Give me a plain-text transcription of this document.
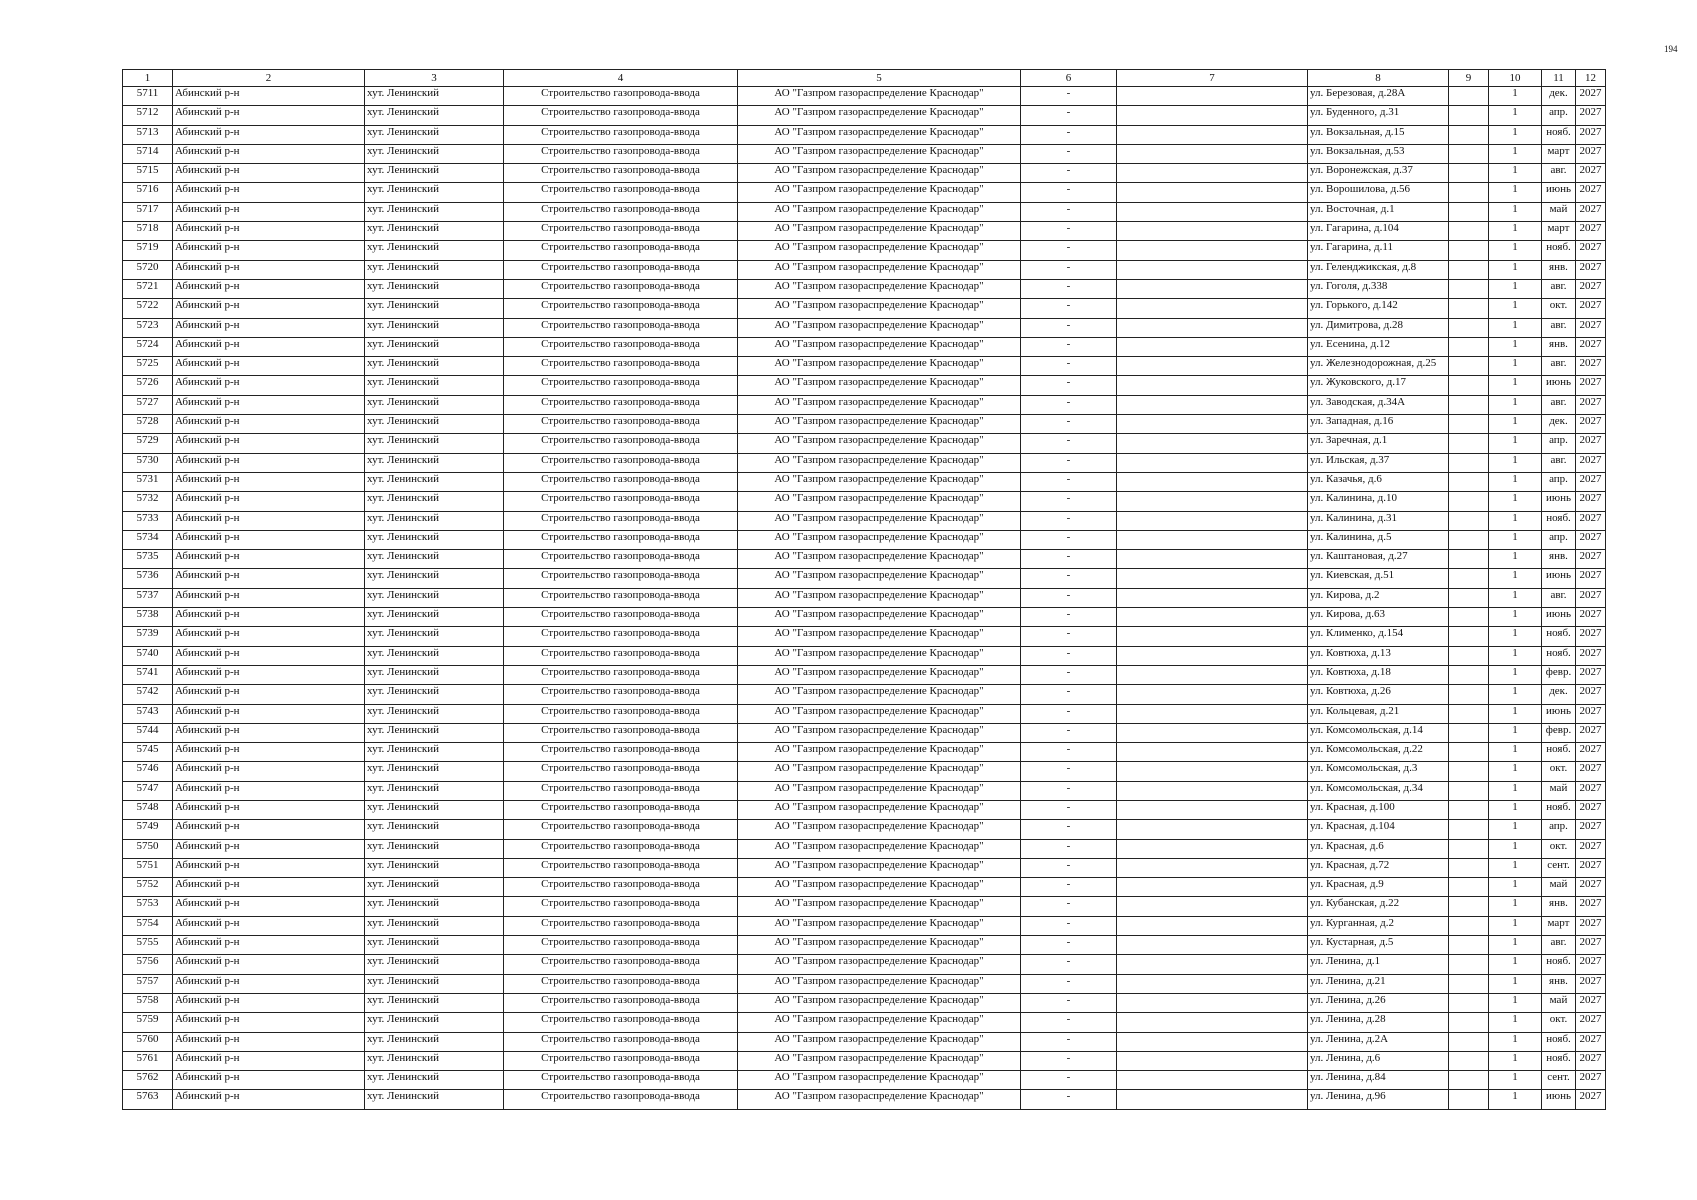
194
1	2	3	4	5	6	7	8	9	10	11	12
5711	Абинский р-н	хут. Ленинский	Строительство газопровода-ввода	АО "Газпром газораспределение Краснодар"	-		ул. Березовая, д.28А		1	дек.	2027
5712	Абинский р-н	хут. Ленинский	Строительство газопровода-ввода	АО "Газпром газораспределение Краснодар"	-		ул. Буденного, д.31		1	апр.	2027
5713	Абинский р-н	хут. Ленинский	Строительство газопровода-ввода	АО "Газпром газораспределение Краснодар"	-		ул. Вокзальная, д.15		1	нояб.	2027
5714	Абинский р-н	хут. Ленинский	Строительство газопровода-ввода	АО "Газпром газораспределение Краснодар"	-		ул. Вокзальная, д.53		1	март	2027
5715	Абинский р-н	хут. Ленинский	Строительство газопровода-ввода	АО "Газпром газораспределение Краснодар"	-		ул. Воронежская, д.37		1	авг.	2027
5716	Абинский р-н	хут. Ленинский	Строительство газопровода-ввода	АО "Газпром газораспределение Краснодар"	-		ул. Ворошилова, д.56		1	июнь	2027
5717	Абинский р-н	хут. Ленинский	Строительство газопровода-ввода	АО "Газпром газораспределение Краснодар"	-		ул. Восточная, д.1		1	май	2027
5718	Абинский р-н	хут. Ленинский	Строительство газопровода-ввода	АО "Газпром газораспределение Краснодар"	-		ул. Гагарина, д.104		1	март	2027
5719	Абинский р-н	хут. Ленинский	Строительство газопровода-ввода	АО "Газпром газораспределение Краснодар"	-		ул. Гагарина, д.11		1	нояб.	2027
5720	Абинский р-н	хут. Ленинский	Строительство газопровода-ввода	АО "Газпром газораспределение Краснодар"	-		ул. Геленджикская, д.8		1	янв.	2027
5721	Абинский р-н	хут. Ленинский	Строительство газопровода-ввода	АО "Газпром газораспределение Краснодар"	-		ул. Гоголя, д.338		1	авг.	2027
5722	Абинский р-н	хут. Ленинский	Строительство газопровода-ввода	АО "Газпром газораспределение Краснодар"	-		ул. Горького, д.142		1	окт.	2027
5723	Абинский р-н	хут. Ленинский	Строительство газопровода-ввода	АО "Газпром газораспределение Краснодар"	-		ул. Димитрова, д.28		1	авг.	2027
5724	Абинский р-н	хут. Ленинский	Строительство газопровода-ввода	АО "Газпром газораспределение Краснодар"	-		ул. Есенина, д.12		1	янв.	2027
5725	Абинский р-н	хут. Ленинский	Строительство газопровода-ввода	АО "Газпром газораспределение Краснодар"	-		ул. Железнодорожная, д.25		1	авг.	2027
5726	Абинский р-н	хут. Ленинский	Строительство газопровода-ввода	АО "Газпром газораспределение Краснодар"	-		ул. Жуковского, д.17		1	июнь	2027
5727	Абинский р-н	хут. Ленинский	Строительство газопровода-ввода	АО "Газпром газораспределение Краснодар"	-		ул. Заводская, д.34А		1	авг.	2027
5728	Абинский р-н	хут. Ленинский	Строительство газопровода-ввода	АО "Газпром газораспределение Краснодар"	-		ул. Западная, д.16		1	дек.	2027
5729	Абинский р-н	хут. Ленинский	Строительство газопровода-ввода	АО "Газпром газораспределение Краснодар"	-		ул. Заречная, д.1		1	апр.	2027
5730	Абинский р-н	хут. Ленинский	Строительство газопровода-ввода	АО "Газпром газораспределение Краснодар"	-		ул. Ильская, д.37		1	авг.	2027
5731	Абинский р-н	хут. Ленинский	Строительство газопровода-ввода	АО "Газпром газораспределение Краснодар"	-		ул. Казачья, д.6		1	апр.	2027
5732	Абинский р-н	хут. Ленинский	Строительство газопровода-ввода	АО "Газпром газораспределение Краснодар"	-		ул. Калинина, д.10		1	июнь	2027
5733	Абинский р-н	хут. Ленинский	Строительство газопровода-ввода	АО "Газпром газораспределение Краснодар"	-		ул. Калинина, д.31		1	нояб.	2027
5734	Абинский р-н	хут. Ленинский	Строительство газопровода-ввода	АО "Газпром газораспределение Краснодар"	-		ул. Калинина, д.5		1	апр.	2027
5735	Абинский р-н	хут. Ленинский	Строительство газопровода-ввода	АО "Газпром газораспределение Краснодар"	-		ул. Каштановая, д.27		1	янв.	2027
5736	Абинский р-н	хут. Ленинский	Строительство газопровода-ввода	АО "Газпром газораспределение Краснодар"	-		ул. Киевская, д.51		1	июнь	2027
5737	Абинский р-н	хут. Ленинский	Строительство газопровода-ввода	АО "Газпром газораспределение Краснодар"	-		ул. Кирова, д.2		1	авг.	2027
5738	Абинский р-н	хут. Ленинский	Строительство газопровода-ввода	АО "Газпром газораспределение Краснодар"	-		ул. Кирова, д.63		1	июнь	2027
5739	Абинский р-н	хут. Ленинский	Строительство газопровода-ввода	АО "Газпром газораспределение Краснодар"	-		ул. Клименко, д.154		1	нояб.	2027
5740	Абинский р-н	хут. Ленинский	Строительство газопровода-ввода	АО "Газпром газораспределение Краснодар"	-		ул. Ковтюха, д.13		1	нояб.	2027
5741	Абинский р-н	хут. Ленинский	Строительство газопровода-ввода	АО "Газпром газораспределение Краснодар"	-		ул. Ковтюха, д.18		1	февр.	2027
5742	Абинский р-н	хут. Ленинский	Строительство газопровода-ввода	АО "Газпром газораспределение Краснодар"	-		ул. Ковтюха, д.26		1	дек.	2027
5743	Абинский р-н	хут. Ленинский	Строительство газопровода-ввода	АО "Газпром газораспределение Краснодар"	-		ул. Кольцевая, д.21		1	июнь	2027
5744	Абинский р-н	хут. Ленинский	Строительство газопровода-ввода	АО "Газпром газораспределение Краснодар"	-		ул. Комсомольская, д.14		1	февр.	2027
5745	Абинский р-н	хут. Ленинский	Строительство газопровода-ввода	АО "Газпром газораспределение Краснодар"	-		ул. Комсомольская, д.22		1	нояб.	2027
5746	Абинский р-н	хут. Ленинский	Строительство газопровода-ввода	АО "Газпром газораспределение Краснодар"	-		ул. Комсомольская, д.3		1	окт.	2027
5747	Абинский р-н	хут. Ленинский	Строительство газопровода-ввода	АО "Газпром газораспределение Краснодар"	-		ул. Комсомольская, д.34		1	май	2027
5748	Абинский р-н	хут. Ленинский	Строительство газопровода-ввода	АО "Газпром газораспределение Краснодар"	-		ул. Красная, д.100		1	нояб.	2027
5749	Абинский р-н	хут. Ленинский	Строительство газопровода-ввода	АО "Газпром газораспределение Краснодар"	-		ул. Красная, д.104		1	апр.	2027
5750	Абинский р-н	хут. Ленинский	Строительство газопровода-ввода	АО "Газпром газораспределение Краснодар"	-		ул. Красная, д.6		1	окт.	2027
5751	Абинский р-н	хут. Ленинский	Строительство газопровода-ввода	АО "Газпром газораспределение Краснодар"	-		ул. Красная, д.72		1	сент.	2027
5752	Абинский р-н	хут. Ленинский	Строительство газопровода-ввода	АО "Газпром газораспределение Краснодар"	-		ул. Красная, д.9		1	май	2027
5753	Абинский р-н	хут. Ленинский	Строительство газопровода-ввода	АО "Газпром газораспределение Краснодар"	-		ул. Кубанская, д.22		1	янв.	2027
5754	Абинский р-н	хут. Ленинский	Строительство газопровода-ввода	АО "Газпром газораспределение Краснодар"	-		ул. Курганная, д.2		1	март	2027
5755	Абинский р-н	хут. Ленинский	Строительство газопровода-ввода	АО "Газпром газораспределение Краснодар"	-		ул. Кустарная, д.5		1	авг.	2027
5756	Абинский р-н	хут. Ленинский	Строительство газопровода-ввода	АО "Газпром газораспределение Краснодар"	-		ул. Ленина, д.1		1	нояб.	2027
5757	Абинский р-н	хут. Ленинский	Строительство газопровода-ввода	АО "Газпром газораспределение Краснодар"	-		ул. Ленина, д.21		1	янв.	2027
5758	Абинский р-н	хут. Ленинский	Строительство газопровода-ввода	АО "Газпром газораспределение Краснодар"	-		ул. Ленина, д.26		1	май	2027
5759	Абинский р-н	хут. Ленинский	Строительство газопровода-ввода	АО "Газпром газораспределение Краснодар"	-		ул. Ленина, д.28		1	окт.	2027
5760	Абинский р-н	хут. Ленинский	Строительство газопровода-ввода	АО "Газпром газораспределение Краснодар"	-		ул. Ленина, д.2А		1	нояб.	2027
5761	Абинский р-н	хут. Ленинский	Строительство газопровода-ввода	АО "Газпром газораспределение Краснодар"	-		ул. Ленина, д.6		1	нояб.	2027
5762	Абинский р-н	хут. Ленинский	Строительство газопровода-ввода	АО "Газпром газораспределение Краснодар"	-		ул. Ленина, д.84		1	сент.	2027
5763	Абинский р-н	хут. Ленинский	Строительство газопровода-ввода	АО "Газпром газораспределение Краснодар"	-		ул. Ленина, д.96		1	июнь	2027
